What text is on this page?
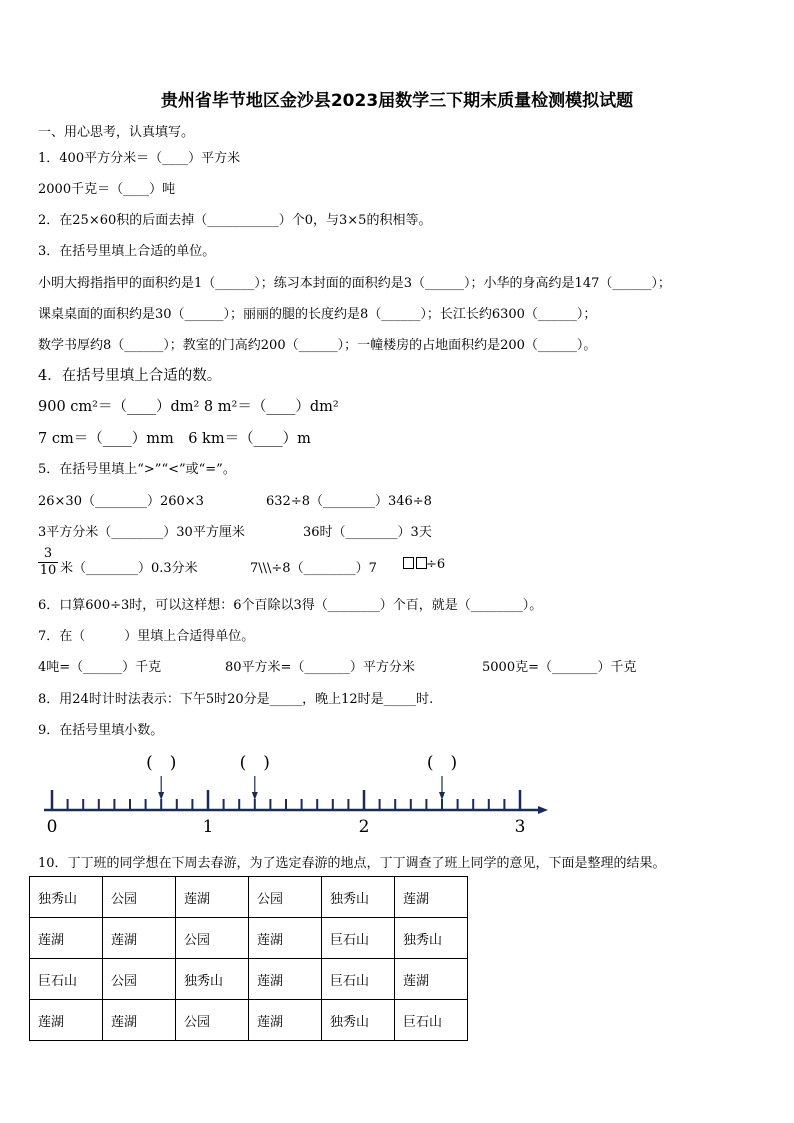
贵州省毕节地区金沙县2023届数学三下期末质量检测模拟试题
一、用心思考，认真填写。
1．400平方分米＝（____）平方米
2000千克＝（____）吨
2．在25×60积的后面去掉（___________）个0，与3×5的积相等。
3．在括号里填上合适的单位。
小明大拇指指甲的面积约是1（______）；练习本封面的面积约是3（______）；小华的身高约是147（______）；
课桌桌面的面积约是30（______）；丽丽的腿的长度约是8（______）；长江长约6300（______）；
数学书厚约8（______）；教室的门高约200（______）；一幢楼房的占地面积约是200（______）。
4．在括号里填上合适的数。
900 cm²＝（____）dm² 8 m²＝（____）dm²
7 cm＝（____）mm　6 km＝（____）m
5．在括号里填上“>”“<”或“=”。
26×30（________）260×3	632÷8（________）346÷8
3平方分米（________）30平方厘米	36时（________）3天
$\frac{3}{10}$ 米（________）0.3分米	7\\\÷8（________）7	÷6
6．口算600÷3时，可以这样想：6个百除以3得（________）个百，就是（________）。
7．在（　　　）里填上合适得单位。
4吨=（______）千克	80平方米=（_______）平方分米	5000克=（_______）千克
8．用24时计时法表示：下午5时20分是_____，晚上12时是_____时.
9．在括号里填小数。
(　)	(　)	(　)
0	1	2	3
10．丁丁班的同学想在下周去春游，为了选定春游的地点，丁丁调查了班上同学的意见，下面是整理的结果。
独秀山	公园	莲湖	公园	独秀山	莲湖
莲湖	莲湖	公园	莲湖	巨石山	独秀山
巨石山	公园	独秀山	莲湖	巨石山	莲湖
莲湖	莲湖	公园	莲湖	独秀山	巨石山
